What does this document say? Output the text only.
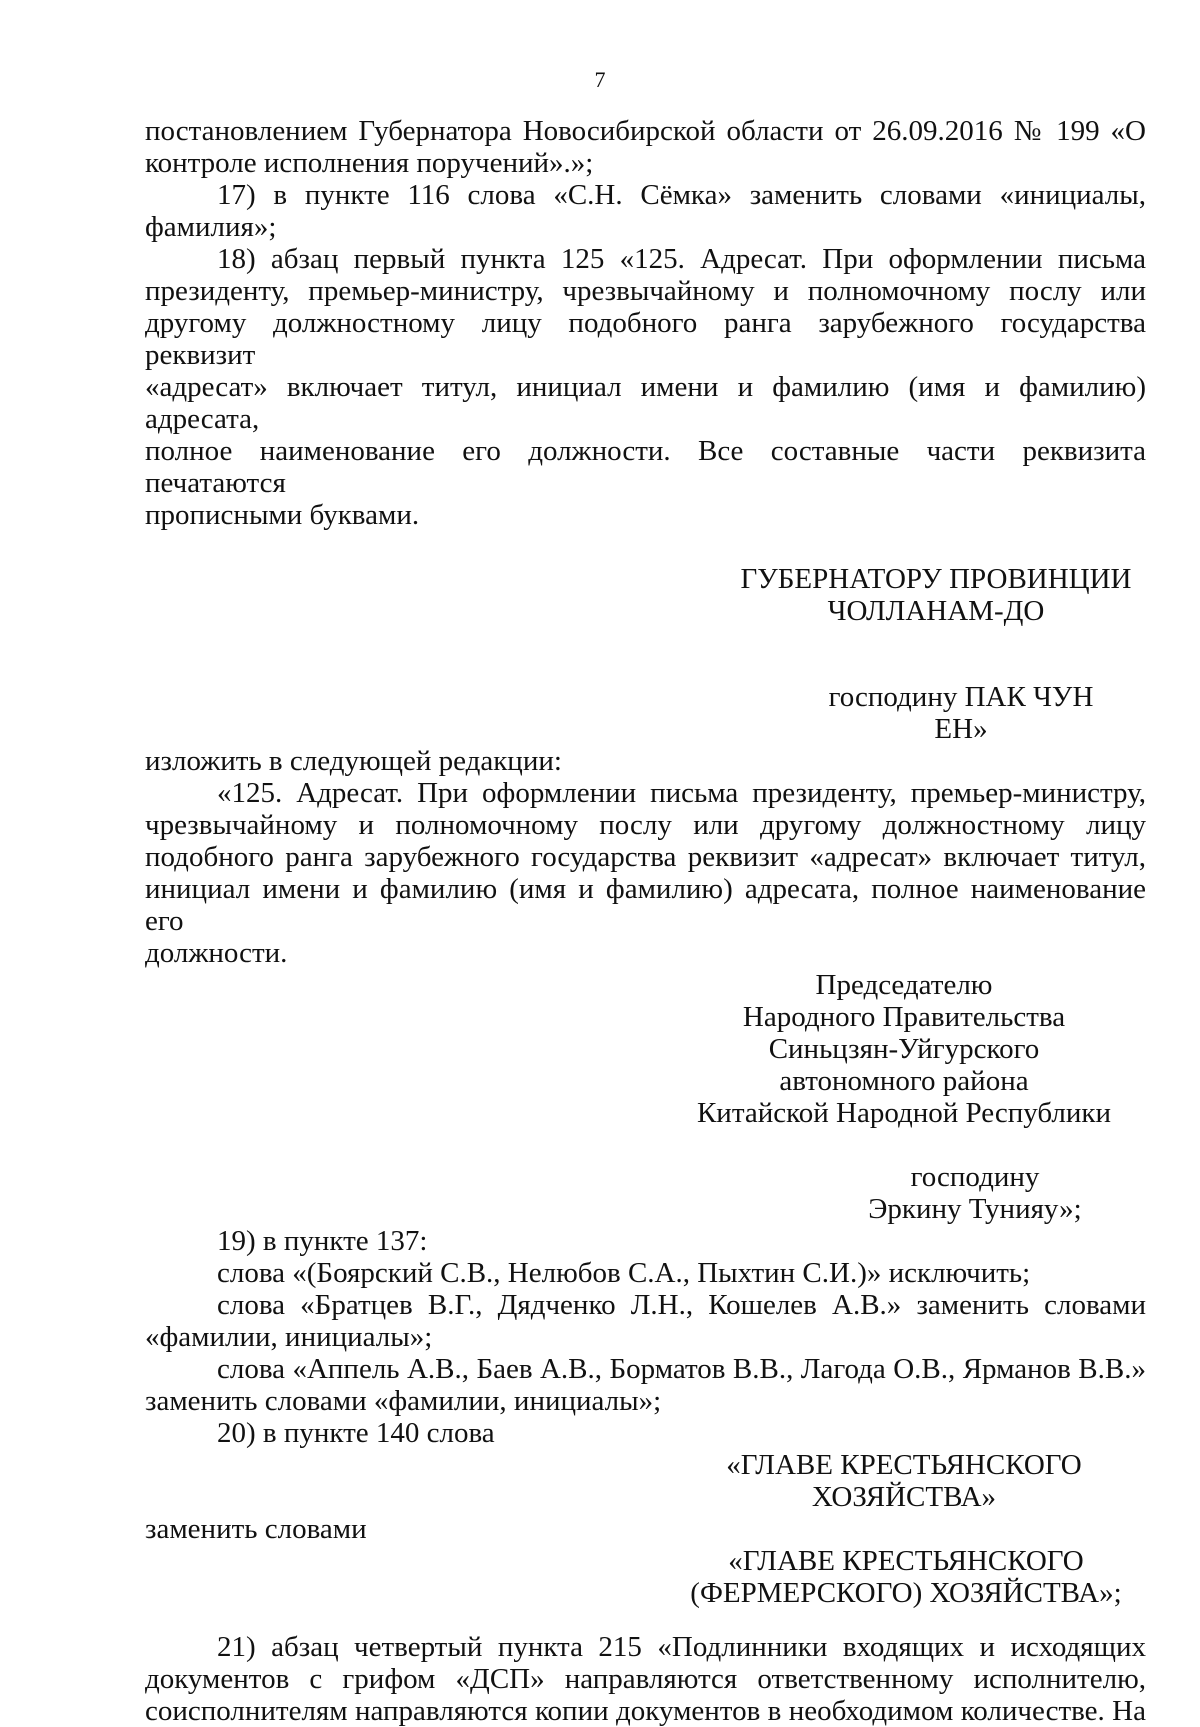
7

постановлением Губернатора Новосибирской области от 26.09.2016 № 199 «О

контроле исполнения поручений».»;

17) в пункте 116 слова «С.Н. Сёмка» заменить словами «инициалы,

фамилия»;

18) абзац первый пункта 125 «125. Адресат. При оформлении письма

президенту, премьер-министру, чрезвычайному и полномочному послу или

другому должностному лицу подобного ранга зарубежного государства реквизит

«адресат» включает титул, инициал имени и фамилию (имя и фамилию) адресата,

полное наименование его должности. Все составные части реквизита печатаются

прописными буквами.

ГУБЕРНАТОРУ ПРОВИНЦИИ

ЧОЛЛАНАМ-ДО

господину ПАК ЧУН ЕН»

изложить в следующей редакции:

«125. Адресат. При оформлении письма президенту, премьер-министру,

чрезвычайному и полномочному послу или другому должностному лицу

подобного ранга зарубежного государства реквизит «адресат» включает титул,

инициал имени и фамилию (имя и фамилию) адресата, полное наименование его

должности.

Председателю

Народного Правительства

Синьцзян-Уйгурского

автономного района

Китайской Народной Республики

господину

Эркину Тунияу»;

19) в пункте 137:

слова «(Боярский С.В., Нелюбов С.А., Пыхтин С.И.)» исключить;

слова «Братцев В.Г., Дядченко Л.Н., Кошелев А.В.» заменить словами

«фамилии, инициалы»;

слова «Аппель А.В., Баев А.В., Борматов В.В., Лагода О.В., Ярманов В.В.»

заменить словами «фамилии, инициалы»;

20) в пункте 140 слова

«ГЛАВЕ КРЕСТЬЯНСКОГО

ХОЗЯЙСТВА»

заменить словами

«ГЛАВЕ КРЕСТЬЯНСКОГО

(ФЕРМЕРСКОГО) ХОЗЯЙСТВА»;

21) абзац четвертый пункта 215 «Подлинники входящих и исходящих

документов с грифом «ДСП» направляются ответственному исполнителю,

соисполнителям направляются копии документов в необходимом количестве. На
